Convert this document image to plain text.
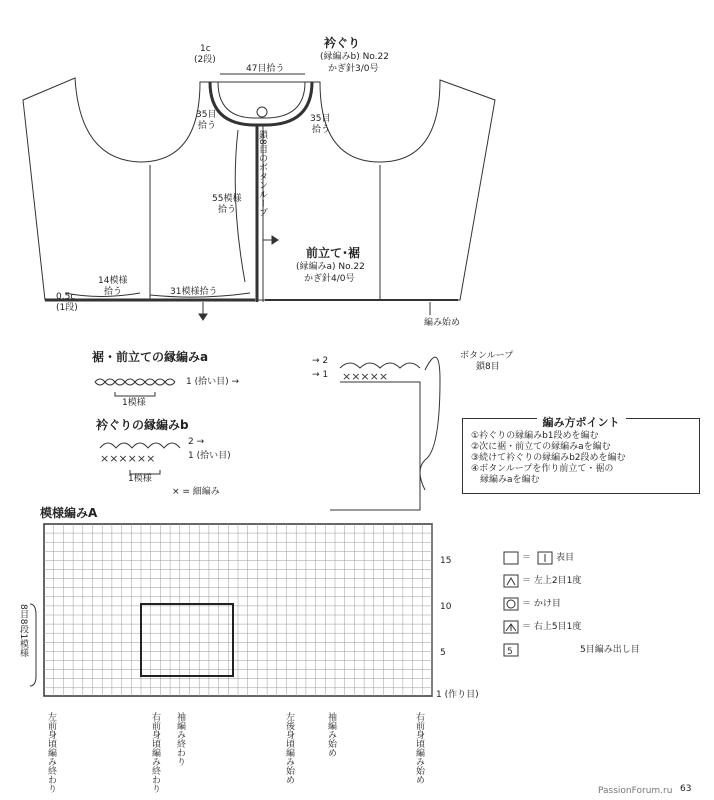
××××××
×××××
5
衿ぐり
(縁編みb) No.22
かぎ針3/0号
1c
(2段)
47目拾う
35目
拾う
35目
拾う
鎖8目のボタンループ
55模様
拾う
前立て･裾
(縁編みa) No.22
かぎ針4/0号
14模様
拾う	31模様拾う
0.5c
(1段)
編み始め
裾・前立ての縁編みa
1 (拾い目) →
1模様
衿ぐりの縁編みb
2 →
1 (拾い目)
1模様
× = 細編み
→ 2
→ 1
ボタンループ
鎖8目
編み方ポイント
①衿ぐりの縁編みb1段めを編む
②次に裾・前立ての縁編みaを編む
③続けて衿ぐりの縁編みb2段めを編む
④ボタンループを作り前立て・裾の
　縁編みaを編む
模様編みA
15
10
5
1 (作り目)
8目8段1模様
左前身頃編み終わり	右前身頃編み終わり 袖編み終わり	左後身頃編み始め	袖編み始め	右前身頃編み始め
＝	表目
＝ 左上2目1度
＝ かけ目
＝ 右上5目1度
5目編み出し目
63
PassionForum.ru
